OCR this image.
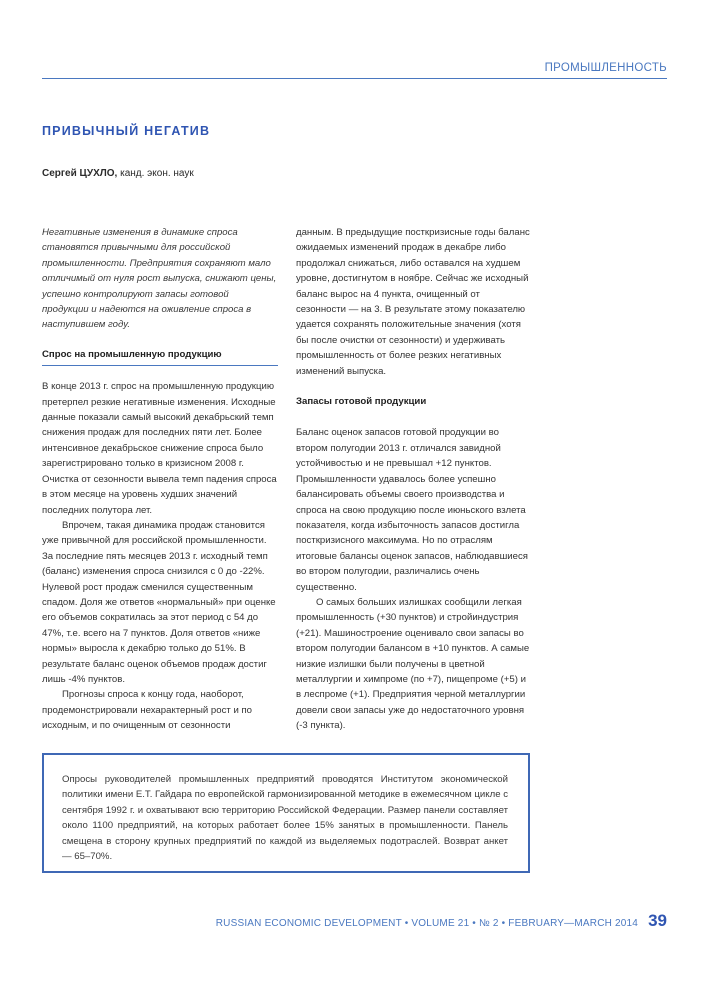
ПРОМЫШЛЕННОСТЬ
ПРИВЫЧНЫЙ НЕГАТИВ
Сергей ЦУХЛО, канд. экон. наук

Негативные изменения в динамике спроса становятся привычными для российской промышленности. Предприятия сохраняют мало отличимый от нуля рост выпуска, снижают цены, успешно контролируют запасы готовой продукции и надеются на оживление спроса в наступившем году.

Спрос на промышленную продукцию

В конце 2013 г. спрос на промышленную продукцию претерпел резкие негативные изменения. Исходные данные показали самый высокий декабрьский темп снижения продаж для последних пяти лет. Более интенсивное декабрьское снижение спроса было зарегистрировано только в кризисном 2008 г. Очистка от сезонности вывела темп падения спроса в этом месяце на уровень худших значений последних полутора лет.

Впрочем, такая динамика продаж становится уже привычной для российской промышленности. За последние пять месяцев 2013 г. исходный темп (баланс) изменения спроса снизился с 0 до -22%. Нулевой рост продаж сменился существенным спадом. Доля же ответов «нормальный» при оценке его объемов сократилась за этот период с 54 до 47%, т.е. всего на 7 пунктов. Доля ответов «ниже нормы» выросла к декабрю только до 51%. В результате баланс оценок объемов продаж достиг лишь -4% пунктов.

Прогнозы спроса к концу года, наоборот, продемонстрировали нехарактерный рост и по исходным, и по очищенным от сезонности

данным. В предыдущие посткризисные годы баланс ожидаемых изменений продаж в декабре либо продолжал снижаться, либо оставался на худшем уровне, достигнутом в ноябре. Сейчас же исходный баланс вырос на 4 пункта, очищенный от сезонности — на 3. В результате этому показателю удается сохранять положительные значения (хотя бы после очистки от сезонности) и удерживать промышленность от более резких негативных изменений выпуска.

Запасы готовой продукции

Баланс оценок запасов готовой продукции во втором полугодии 2013 г. отличался завидной устойчивостью и не превышал +12 пунктов. Промышленности удавалось более успешно балансировать объемы своего производства и спроса на свою продукцию после июньского взлета показателя, когда избыточность запасов достигла посткризисного максимума. Но по отраслям итоговые балансы оценок запасов, наблюдавшиеся во втором полугодии, различались очень существенно.

О самых больших излишках сообщили легкая промышленность (+30 пунктов) и стройиндустрия (+21). Машиностроение оценивало свои запасы во втором полугодии балансом в +10 пунктов. А самые низкие излишки были получены в цветной металлургии и химпроме (по +7), пищепроме (+5) и в леспроме (+1). Предприятия черной металлургии довели свои запасы уже до недостаточного уровня (-3 пункта).

Опросы руководителей промышленных предприятий проводятся Институтом экономической политики имени Е.Т. Гайдара по европейской гармонизированной методике в ежемесячном цикле с сентября 1992 г. и охватывают всю территорию Российской Федерации. Размер панели составляет около 1100 предприятий, на которых работает более 15% занятых в промышленности. Панель смещена в сторону крупных предприятий по каждой из выделяемых подотраслей. Возврат анкет — 65–70%.
RUSSIAN ECONOMIC DEVELOPMENT • VOLUME 21 • № 2 • FEBRUARY—MARCH 2014 39
